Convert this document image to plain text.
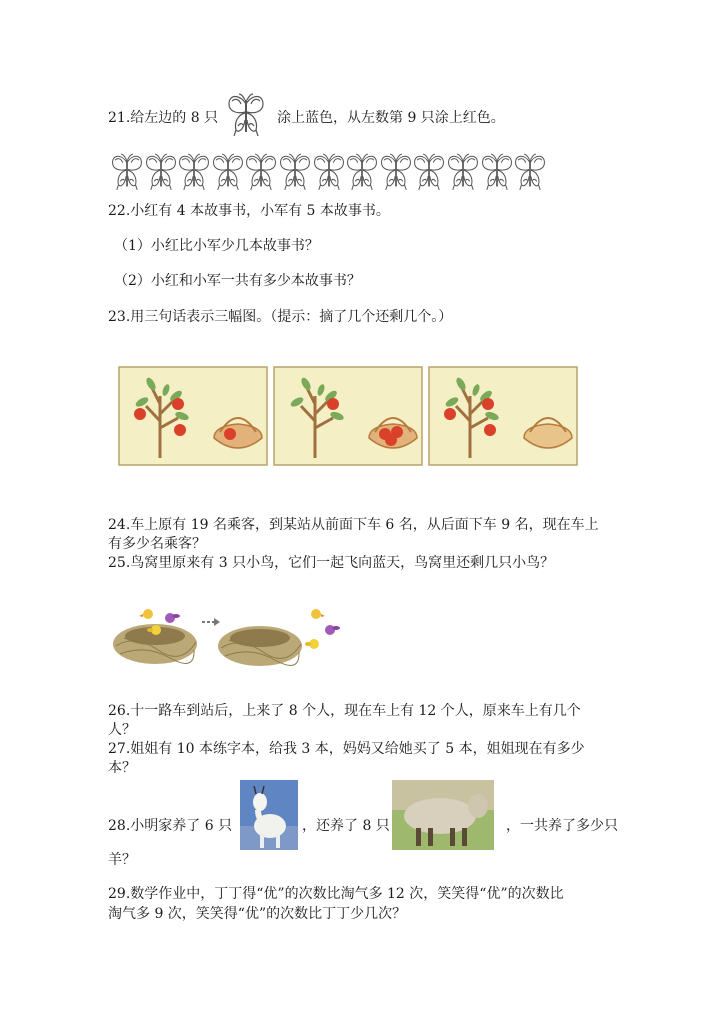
21.给左边的 8 只	涂上蓝色，从左数第 9 只涂上红色。
22.小红有 4 本故事书，小军有 5 本故事书。
（1）小红比小军少几本故事书？
（2）小红和小军一共有多少本故事书？
23.用三句话表示三幅图。（提示：摘了几个还剩几个。）
24.车上原有 19 名乘客，到某站从前面下车 6 名，从后面下车 9 名，现在车上
有多少名乘客？
25.鸟窝里原来有 3 只小鸟，它们一起飞向蓝天，鸟窝里还剩几只小鸟？
26.十一路车到站后，上来了 8 个人，现在车上有 12 个人，原来车上有几个
人？
27.姐姐有 10 本练字本，给我 3 本，妈妈又给她买了 5 本，姐姐现在有多少
本？
28.小明家养了 6 只	，还养了 8 只	，一共养了多少只
羊？
29.数学作业中，丁丁得“优”的次数比淘气多 12 次，笑笑得“优”的次数比
淘气多 9 次，笑笑得“优”的次数比丁丁少几次？
